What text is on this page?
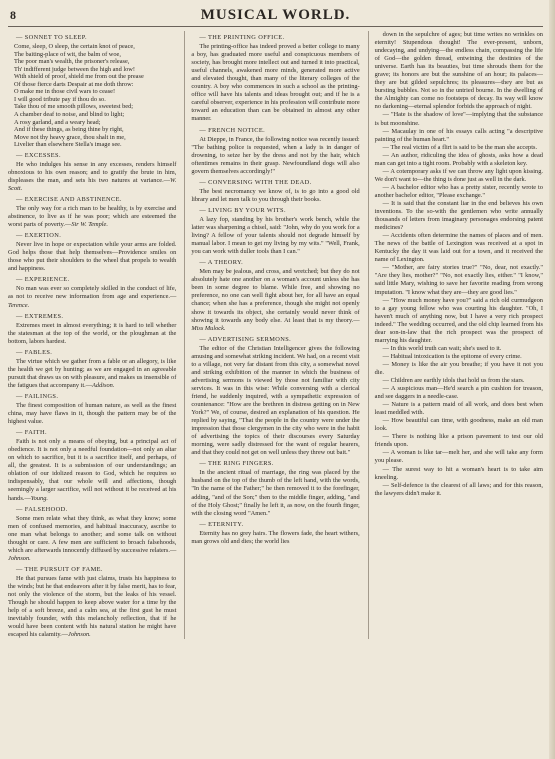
8	MUSICAL WORLD.
— SONNET TO SLEEP.
Come, sleep, O sleep, the certain knot of peace,
The baiting-place of wit, the balm of woe,
The poor man's wealth, the prisoner's release,
Th' indifferent judge between the high and low!
With shield of proof, shield me from out the prease
Of those fierce darts Despair at me doth throw:
O make me in those civil wars to cease!
I will good tribute pay if thou do so.
Take thou of me smooth pillows, sweetest bed;
A chamber deaf to noise, and blind to light;
A rosy garland, and a weary head;
And if these things, as being thine by right,
Move not thy heavy grace, thou shalt in me,
Livelier than elsewhere Stella's image see.
— EXCESSES.

He who indulges his sense in any excesses, renders himself obnoxious to his own reason; and to gratify the brute in him, displeases the man, and sets his two natures at variance.—W. Scott.

— EXERCISE AND ABSTINENCE.

The only way for a rich man to be healthy, is by exercise and abstinence, to live as if he was poor; which are esteemed the worst parts of poverty.—Sir W. Temple.

— EXERTION.

Never live in hope or expectation while your arms are folded. God helps those that help themselves—Providence smiles on those who put their shoulders to the wheel that propels to wealth and happiness.

— EXPERIENCE.

No man was ever so completely skilled in the conduct of life, as not to receive new information from age and experience.—Terence.

— EXTREMES.

Extremes meet in almost everything; it is hard to tell whether the statesman at the top of the world, or the ploughman at the bottom, labors hardest.

— FABLES.

The virtue which we gather from a fable or an allegory, is like the health we get by hunting; as we are engaged in an agreeable pursuit that draws us on with pleasure, and makes us insensible of the fatigues that accompany it.—Addison.

— FAILINGS.

The finest composition of human nature, as well as the finest china, may have flaws in it, though the pattern may be of the highest value.

— FAITH.

Faith is not only a means of obeying, but a principal act of obedience. It is not only a needful foundation—not only an altar on which to sacrifice, but it is a sacrifice itself, and perhaps, of all, the greatest. It is a submission of our understandings; an oblation of our idolized reason to God, which he requires so indispensably, that our whole will and affections, though seemingly a larger sacrifice, will not without it be received at his hands.—Young.

— FALSEHOOD.

Some men relate what they think, as what they know; some men of confused memories, and habitual inaccuracy, ascribe to one man what belongs to another; and some talk on without thought or care. A few men are sufficient to broach falsehoods, which are afterwards innocently diffused by successive relaters.—Johnson.

— THE PURSUIT OF FAME.

He that pursues fame with just claims, trusts his happiness to the winds; but he that endeavors after it by false merit, has to fear, not only the violence of the storm, but the leaks of his vessel. Though he should happen to keep above water for a time by the help of a soft breeze, and a calm sea, at the first gust he must inevitably founder, with this melancholy reflection, that if he would have been content with his natural station he might have escaped his calamity.—Johnson.

— THE PRINTING OFFICE.

The printing-office has indeed proved a better college to many a boy, has graduated more useful and conspicuous members of society, has brought more intellect out and turned it into practical, useful channels, awakened more minds, generated more active and elevated thought, than many of the literary colleges of the country. A boy who commences in such a school as the printing-office will have his talents and ideas brought out; and if he is a careful observer, experience in his profession will contribute more toward an education than can be obtained in almost any other manner.

— FRENCH NOTICE.

At Dieppe, in France, the following notice was recently issued: "The bathing police is requested, when a lady is in danger of drowning, to seize her by the dress and not by the hair, which oftentimes remains in their grasp. Newfoundland dogs will also govern themselves accordingly!"

— CONVERSING WITH THE DEAD.

The best necromancy we know of, is to go into a good old library and let men talk to you through their books.

— LIVING BY YOUR WITS.

A lazy fop, standing by his brother's work bench, while the latter was sharpening a chisel, said: "John, why do you work for a living? A fellow of your talents should not degrade himself by manual labor. I mean to get my living by my wits." "Well, Frank, you can work with duller tools than I can."

— A THEORY.

Men may be jealous, and cross, and wretched; but they do not absolutely hate one another on a woman's account unless she has been in some degree to blame. While free, and showing no preference, no one can well fight about her, for all have an equal chance; when she has a preference, though she might not openly show it towards its object, she certainly would never think of showing it towards any body else. At least that is my theory.—Miss Mulock.

— ADVERTISING SERMONS.

The editor of the Christian Intelligencer gives the following amusing and somewhat striking incident. We had, on a recent visit to a village, not very far distant from this city, a somewhat novel and striking exhibition of the manner in which the business of advertising sermons is viewed by those not familiar with city services. It was in this wise: While conversing with a clerical friend, he suddenly inquired, with a sympathetic expression of countenance: "How are the brethren in distress getting on in New York?" We, of course, desired an explanation of his question. He replied by saying, "That the people in the country were under the impression that those clergymen in the city who were in the habit of advertising the topics of their discourses every Saturday morning, were sadly distressed for the want of regular hearers, and that they could not get on well unless they threw out bait."

— THE RING FINGERS.

In the ancient ritual of marriage, the ring was placed by the husband on the top of the thumb of the left hand, with the words, "In the name of the Father;" he then removed it to the forefinger, adding, "and of the Son;" then to the middle finger, adding, "and of the Holy Ghost;" finally he left it, as now, on the fourth finger, with the closing word "Amen."

— ETERNITY.

Eternity has no grey hairs. The flowers fade, the heart withers, man grows old and dies; the world lies

down in the sepulchre of ages; but time writes no wrinkles on eternity! Stupendous thought! The ever-present, unborn, undecaying, and undying—the endless chain, compassing the life of God—the golden thread, entwining the destinies of the universe. Earth has its beauties, but time shrouds them for the grave; its honors are but the sunshine of an hour; its palaces—they are but gilded sepulchres; its pleasures—they are but as bursting bubbles. Not so in the untried bourne. In the dwelling of the Almighty can come no footsteps of decay. Its way will know no darkening—eternal splendor forbids the approach of night.

— "Hate is the shadow of love"—implying that the substance is but moonshine.

— Macaulay in one of his essays calls acting "a descriptive painting of the human heart."

— The real victim of a flirt is said to be the man she accepts.

— An author, ridiculing the idea of ghosts, asks how a dead man can get into a tight room. Probably with a skeleton key.

— A cotemporary asks if we can throw any light upon kissing. We don't want to—the thing is done just as well in the dark.

— A bachelor editor who has a pretty sister, recently wrote to another bachelor editor, "Please exchange."

— It is said that the constant liar in the end believes his own inventions. To the so-with the gentlemen who write annually thousands of letters from imaginary personages endorsing patent medicines?

— Accidents often determine the names of places and of men. The news of the battle of Lexington was received at a spot in Kentucky the day it was laid out for a town, and it received the name of Lexington.

— "Mother, are fairy stories true?" "No, dear, not exactly." "Are they lies, mother?" "No, not exactly lies, either." "I know," said little Mary, wishing to save her favorite reading from wrong imputation. "I know what they are—they are good lies."

— "How much money have you?" said a rich old curmudgeon to a gay young fellow who was courting his daughter. "Oh, I haven't much of anything now, but I have a very rich prospect indeed." The wedding occurred, and the old chip learned from his dear son-in-law that the rich prospect was the prospect of marrying his daughter.

— In this world truth can wait; she's used to it.

— Habitual intoxication is the epitome of every crime.

— Money is like the air you breathe; if you have it not you die.

— Children are earthly idols that hold us from the stars.

— A suspicious man—He'd search a pin cushion for treason, and see daggers in a needle-case.

— Nature is a pattern maid of all work, and does best when least meddled with.

— How beautiful can time, with goodness, make an old man look.

— There is nothing like a prison pavement to test our old friends upon.

— A woman is like tar—melt her, and she will take any form you please.

— The surest way to hit a woman's heart is to take aim kneeling.

— Self-defence is the clearest of all laws; and for this reason, the lawyers didn't make it.
